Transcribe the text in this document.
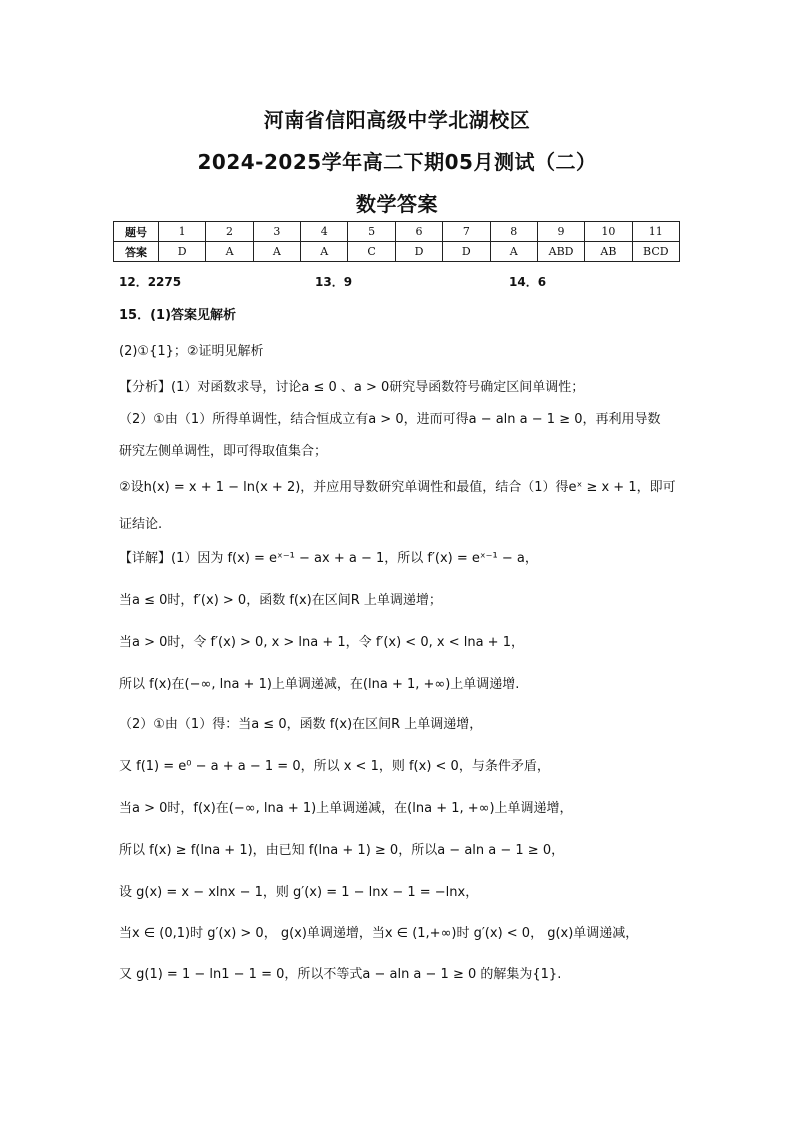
河南省信阳高级中学北湖校区
2024-2025学年高二下期05月测试（二）
数学答案
题号	1	2	3	4	5	6	7	8	9	10	11
答案	D	A	A	A	C	D	D	A	ABD	AB	BCD
12．2275	13．9	14．6
15．(1)答案见解析
(2)①{1}；②证明见解析
【分析】(1）对函数求导，讨论a ≤ 0 、a > 0研究导函数符号确定区间单调性；
（2）①由（1）所得单调性，结合恒成立有a > 0，进而可得a − aln a − 1 ≥ 0，再利用导数
研究左侧单调性，即可得取值集合；
②设h(x) = x + 1 − ln(x + 2)，并应用导数研究单调性和最值，结合（1）得eˣ ≥ x + 1，即可
证结论.
【详解】(1）因为 f(x) = eˣ⁻¹ − ax + a − 1，所以 f′(x) = eˣ⁻¹ − a，
当a ≤ 0时，f′(x) > 0，函数 f(x)在区间R 上单调递增；
当a > 0时，令 f′(x) > 0, x > lna + 1，令 f′(x) < 0, x < lna + 1，
所以 f(x)在(−∞, lna + 1)上单调递减，在(lna + 1, +∞)上单调递增.
（2）①由（1）得：当a ≤ 0，函数 f(x)在区间R 上单调递增，
又 f(1) = e⁰ − a + a − 1 = 0，所以 x < 1，则 f(x) < 0，与条件矛盾，
当a > 0时，f(x)在(−∞, lna + 1)上单调递减，在(lna + 1, +∞)上单调递增，
所以 f(x) ≥ f(lna + 1)，由已知 f(lna + 1) ≥ 0，所以a − aln a − 1 ≥ 0，
设 g(x) = x − xlnx − 1，则 g′(x) = 1 − lnx − 1 = −lnx，
当x ∈ (0,1)时 g′(x) > 0， g(x)单调递增，当x ∈ (1,+∞)时 g′(x) < 0， g(x)单调递减，
又 g(1) = 1 − ln1 − 1 = 0，所以不等式a − aln a − 1 ≥ 0 的解集为{1}.
